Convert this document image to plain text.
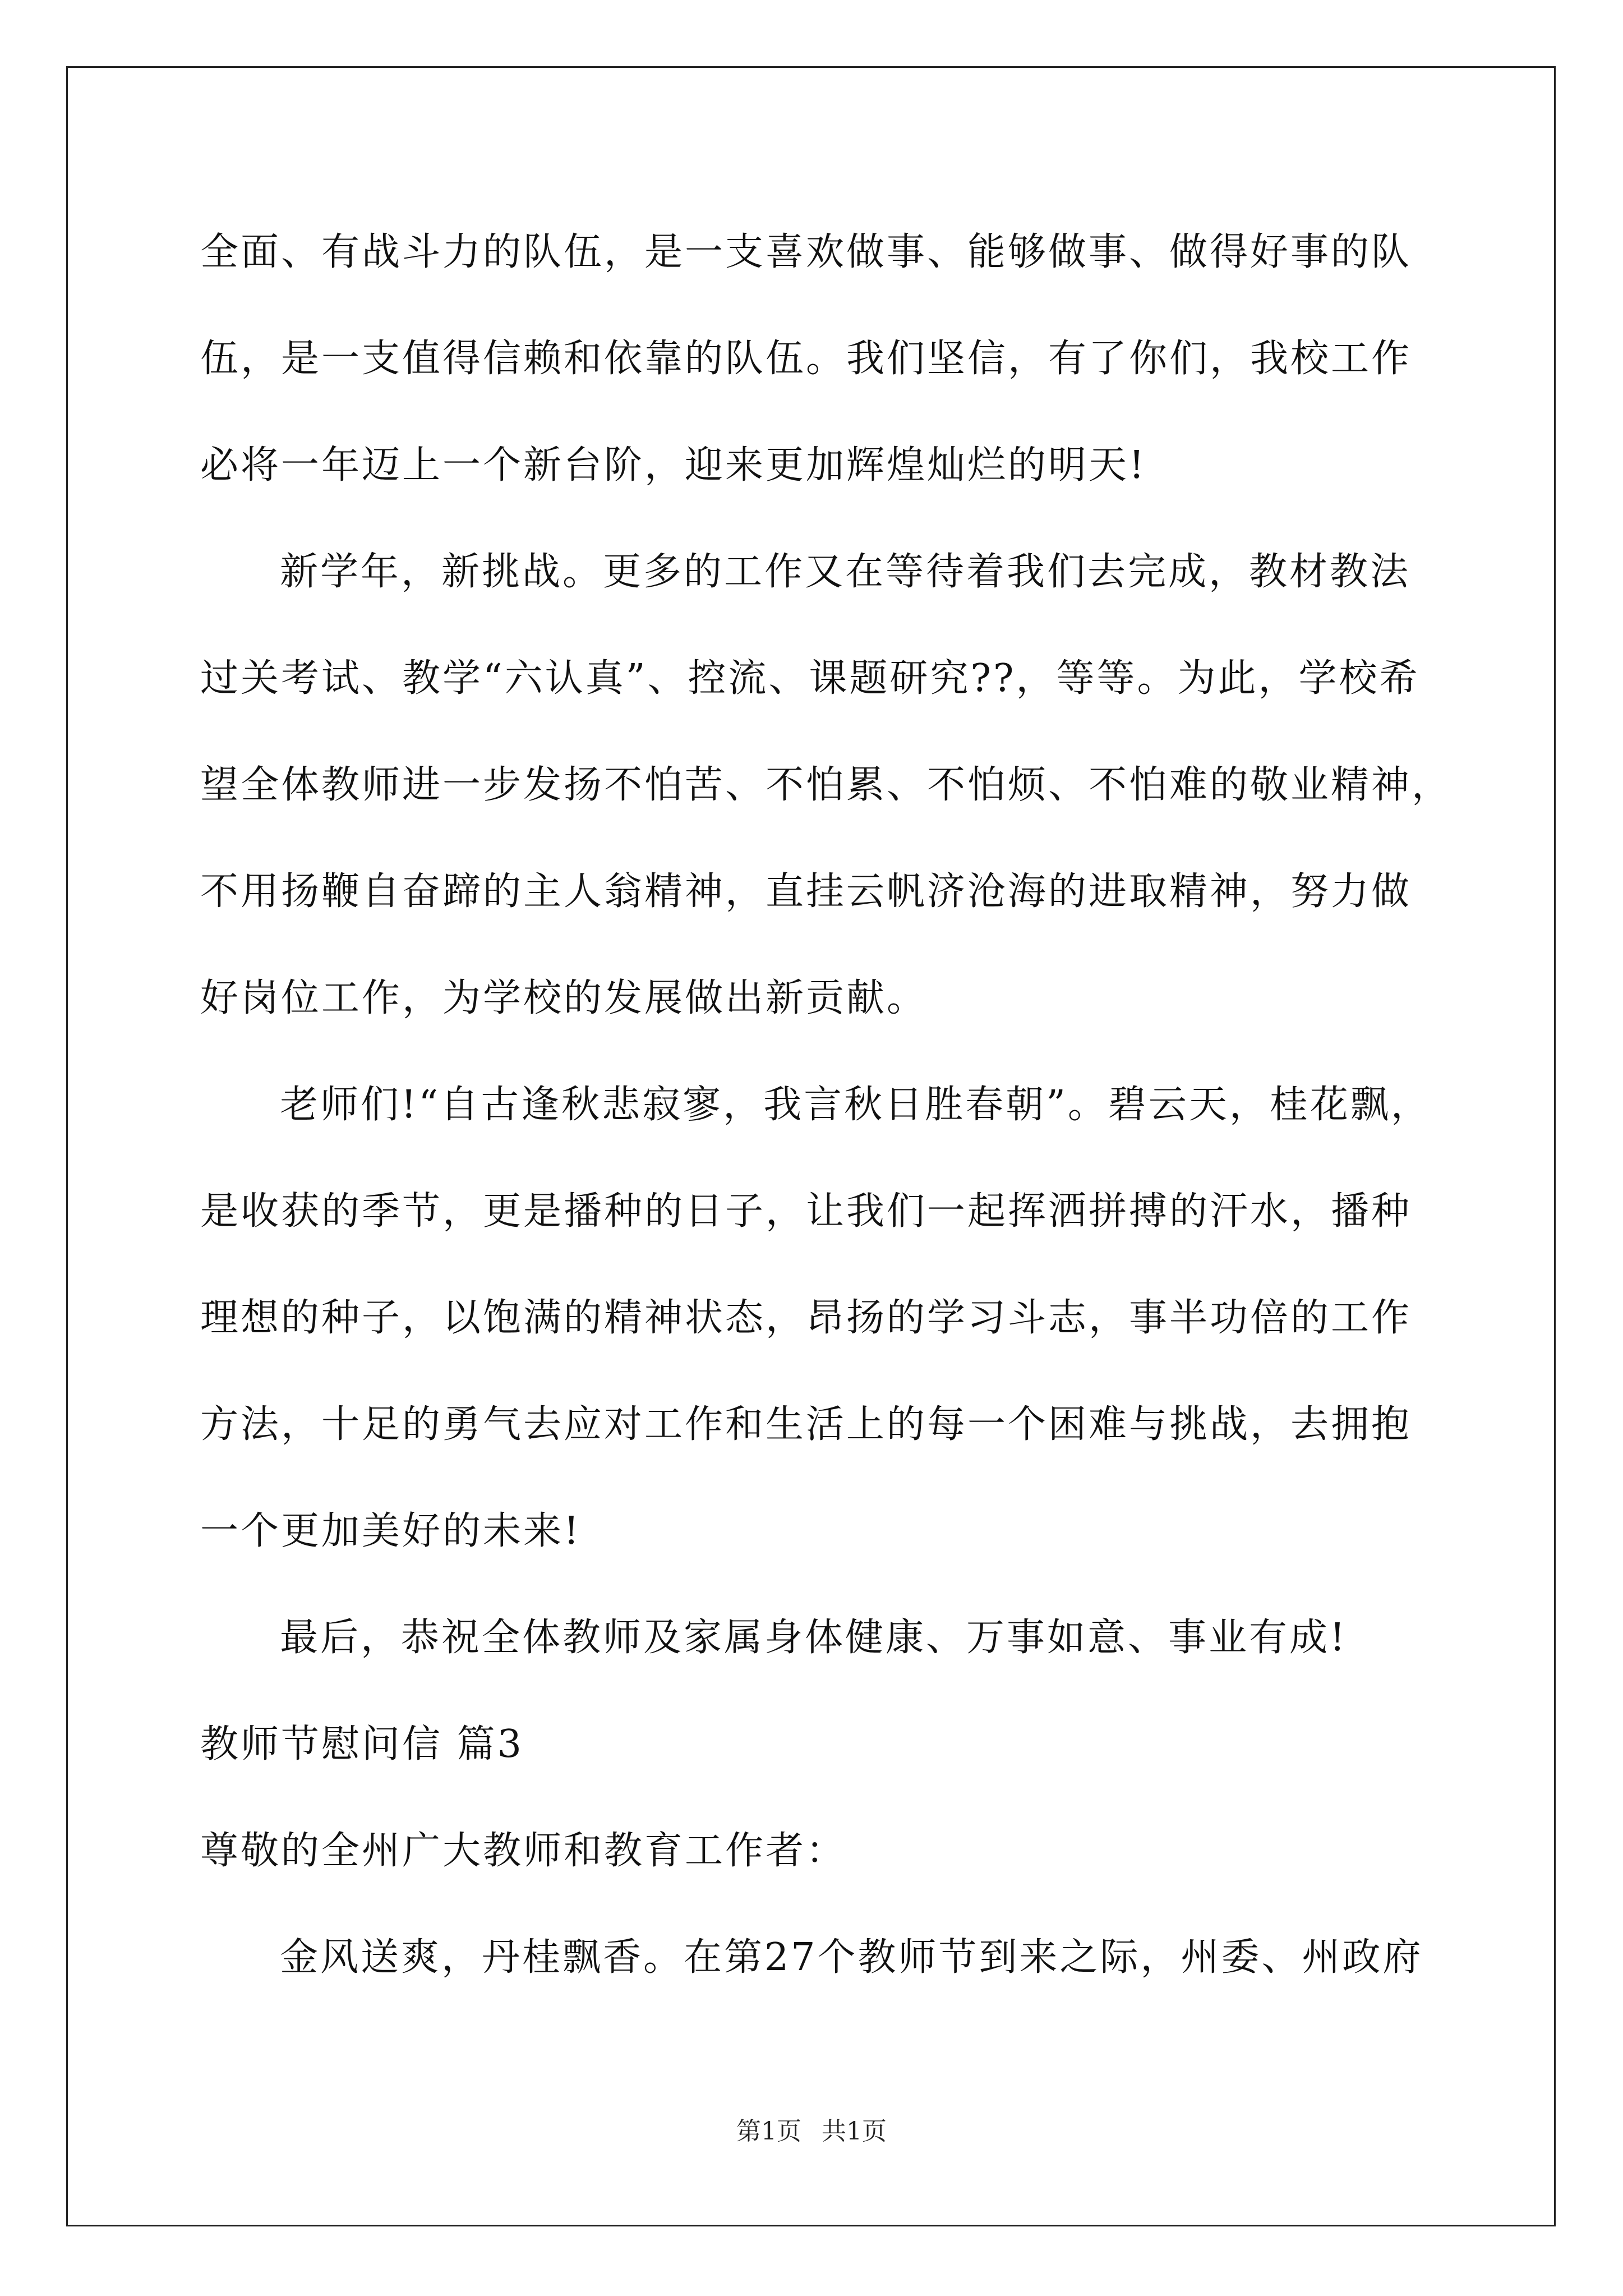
全面、有战斗力的队伍，是一支喜欢做事、能够做事、做得好事的队
伍，是一支值得信赖和依靠的队伍。我们坚信，有了你们，我校工作
必将一年迈上一个新台阶，迎来更加辉煌灿烂的明天!
新学年，新挑战。更多的工作又在等待着我们去完成，教材教法
过关考试、教学“六认真”、控流、课题研究??，等等。为此，学校希
望全体教师进一步发扬不怕苦、不怕累、不怕烦、不怕难的敬业精神，
不用扬鞭自奋蹄的主人翁精神，直挂云帆济沧海的进取精神，努力做
好岗位工作，为学校的发展做出新贡献。
老师们!“自古逢秋悲寂寥，我言秋日胜春朝”。碧云天，桂花飘，
是收获的季节，更是播种的日子，让我们一起挥洒拼搏的汗水，播种
理想的种子，以饱满的精神状态，昂扬的学习斗志，事半功倍的工作
方法，十足的勇气去应对工作和生活上的每一个困难与挑战，去拥抱
一个更加美好的未来!
最后，恭祝全体教师及家属身体健康、万事如意、事业有成!
教师节慰问信 篇3
尊敬的全州广大教师和教育工作者：
金风送爽，丹桂飘香。在第27个教师节到来之际，州委、州政府
第1页 共1页
